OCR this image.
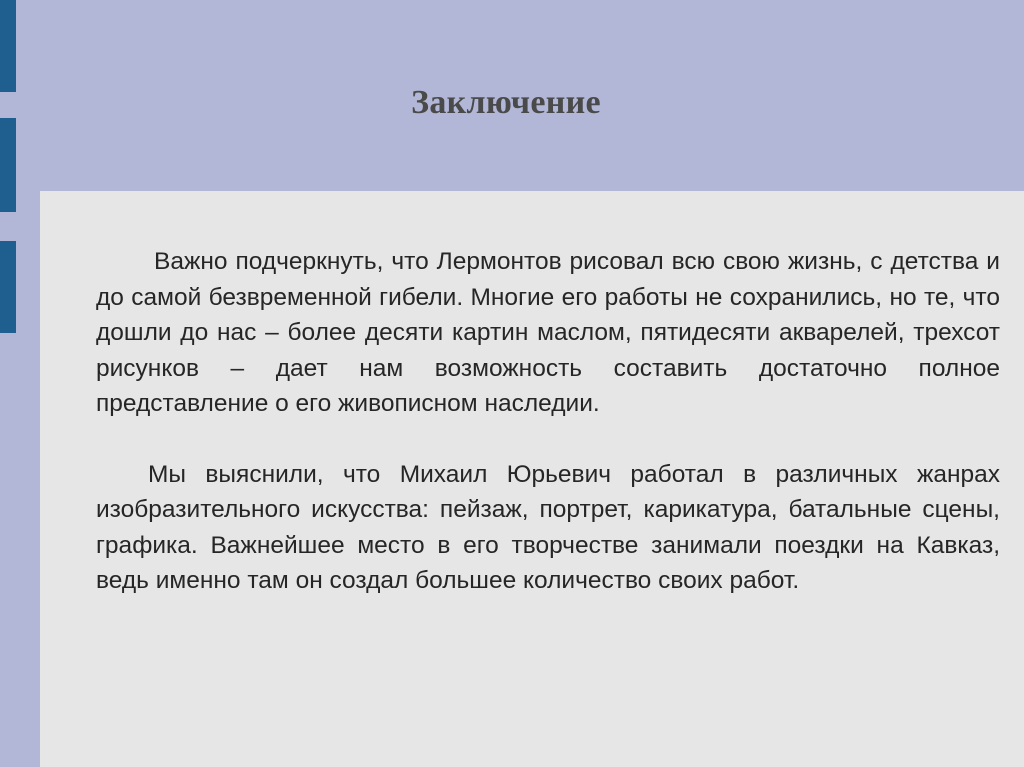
Заключение

Важно подчеркнуть, что Лермонтов рисовал всю свою жизнь, с детства и до самой безвременной гибели. Многие его работы не сохранились, но те, что дошли до нас – более десяти картин маслом, пятидесяти акварелей, трехсот рисунков – дает нам возможность составить достаточно полное представление о его живописном наследии.

Мы выяснили, что Михаил Юрьевич работал в различных жанрах изобразительного искусства: пейзаж, портрет, карикатура, батальные сцены, графика. Важнейшее место в его творчестве занимали поездки на Кавказ, ведь именно там он создал большее количество своих работ.
